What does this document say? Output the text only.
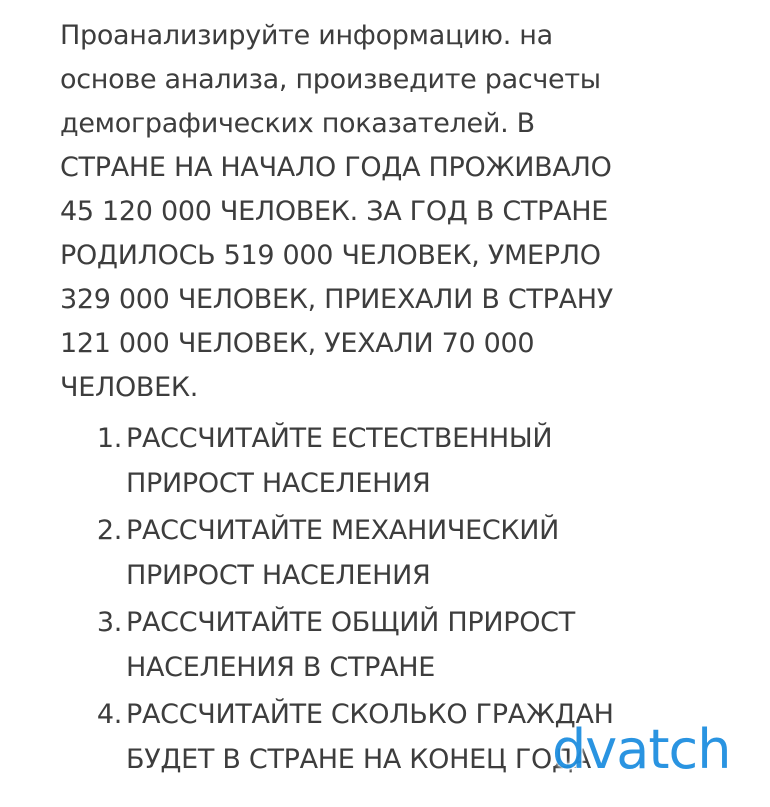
Проанализируйте информацию. на
основе анализа, произведите расчеты
демографических показателей. В
СТРАНЕ НА НАЧАЛО ГОДА ПРОЖИВАЛО
45 120 000 ЧЕЛОВЕК. ЗА ГОД В СТРАНЕ
РОДИЛОСЬ 519 000 ЧЕЛОВЕК, УМЕРЛО
329 000 ЧЕЛОВЕК, ПРИЕХАЛИ В СТРАНУ
121 000 ЧЕЛОВЕК, УЕХАЛИ 70 000
ЧЕЛОВЕК.

1. РАССЧИТАЙТЕ ЕСТЕСТВЕННЫЙ
ПРИРОСТ НАСЕЛЕНИЯ
2. РАССЧИТАЙТЕ МЕХАНИЧЕСКИЙ
ПРИРОСТ НАСЕЛЕНИЯ
3. РАССЧИТАЙТЕ ОБЩИЙ ПРИРОСТ
НАСЕЛЕНИЯ В СТРАНЕ
4. РАССЧИТАЙТЕ СКОЛЬКО ГРАЖДАН
БУДЕТ В СТРАНЕ НА КОНЕЦ ГОДА
dvatch
